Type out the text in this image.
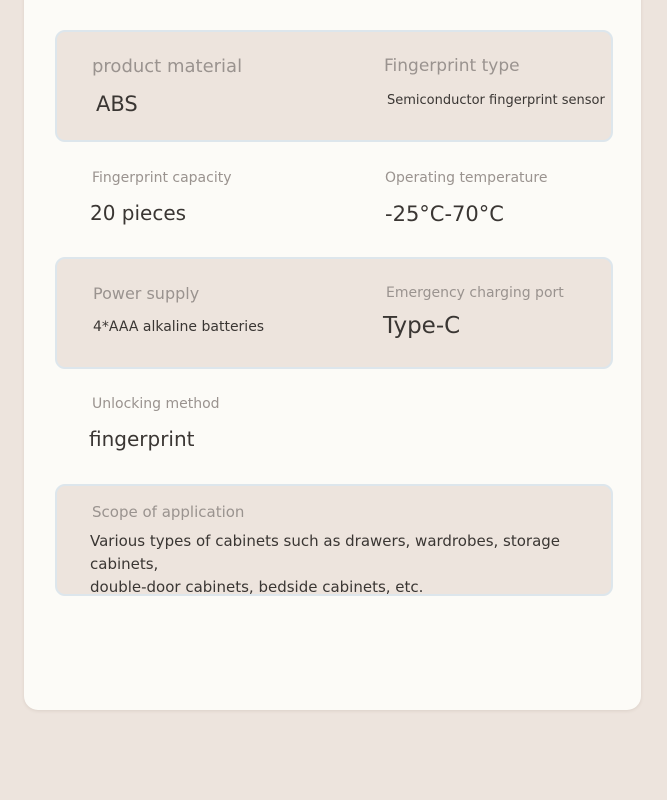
product material
ABS
Fingerprint type
Semiconductor fingerprint sensor
Fingerprint capacity
20 pieces
Operating temperature
-25°C-70°C
Power supply
4*AAA alkaline batteries
Emergency charging port
Type-C
Unlocking method
fingerprint
Scope of application
Various types of cabinets such as drawers, wardrobes, storage cabinets,
double-door cabinets, bedside cabinets, etc.
